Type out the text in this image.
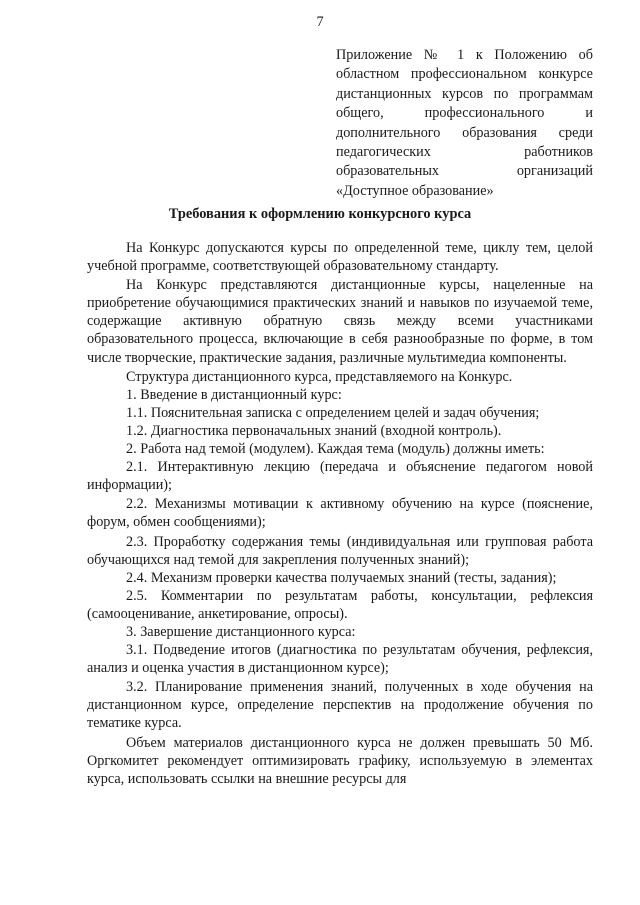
7
Приложение № 1 к Положению об
областном профессиональном конкурсе
дистанционных курсов по программам
общего, профессионального и
дополнительного образования среди
педагогических работников
образовательных организаций
«Доступное образование»
Требования к оформлению конкурсного курса

На Конкурс допускаются курсы по определенной теме, циклу тем, целой учебной программе, соответствующей образовательному стандарту.

На Конкурс представляются дистанционные курсы, нацеленные на приобретение обучающимися практических знаний и навыков по изучаемой теме, содержащие активную обратную связь между всеми участниками образовательного процесса, включающие в себя разнообразные по форме, в том числе творческие, практические задания, различные мультимедиа компоненты.

Структура дистанционного курса, представляемого на Конкурс.

1. Введение в дистанционный курс:

1.1. Пояснительная записка с определением целей и задач обучения;

1.2. Диагностика первоначальных знаний (входной контроль).

2. Работа над темой (модулем). Каждая тема (модуль) должны иметь:

2.1. Интерактивную лекцию (передача и объяснение педагогом новой информации);

2.2. Механизмы мотивации к активному обучению на курсе (пояснение, форум, обмен сообщениями);

2.3. Проработку содержания темы (индивидуальная или групповая работа обучающихся над темой для закрепления полученных знаний);

2.4. Механизм проверки качества получаемых знаний (тесты, задания);

2.5. Комментарии по результатам работы, консультации, рефлексия (самооценивание, анкетирование, опросы).

3. Завершение дистанционного курса:

3.1. Подведение итогов (диагностика по результатам обучения, рефлексия, анализ и оценка участия в дистанционном курсе);

3.2. Планирование применения знаний, полученных в ходе обучения на дистанционном курсе, определение перспектив на продолжение обучения по тематике курса.

Объем материалов дистанционного курса не должен превышать 50 Мб. Оргкомитет рекомендует оптимизировать графику, используемую в элементах курса, использовать ссылки на внешние ресурсы для
